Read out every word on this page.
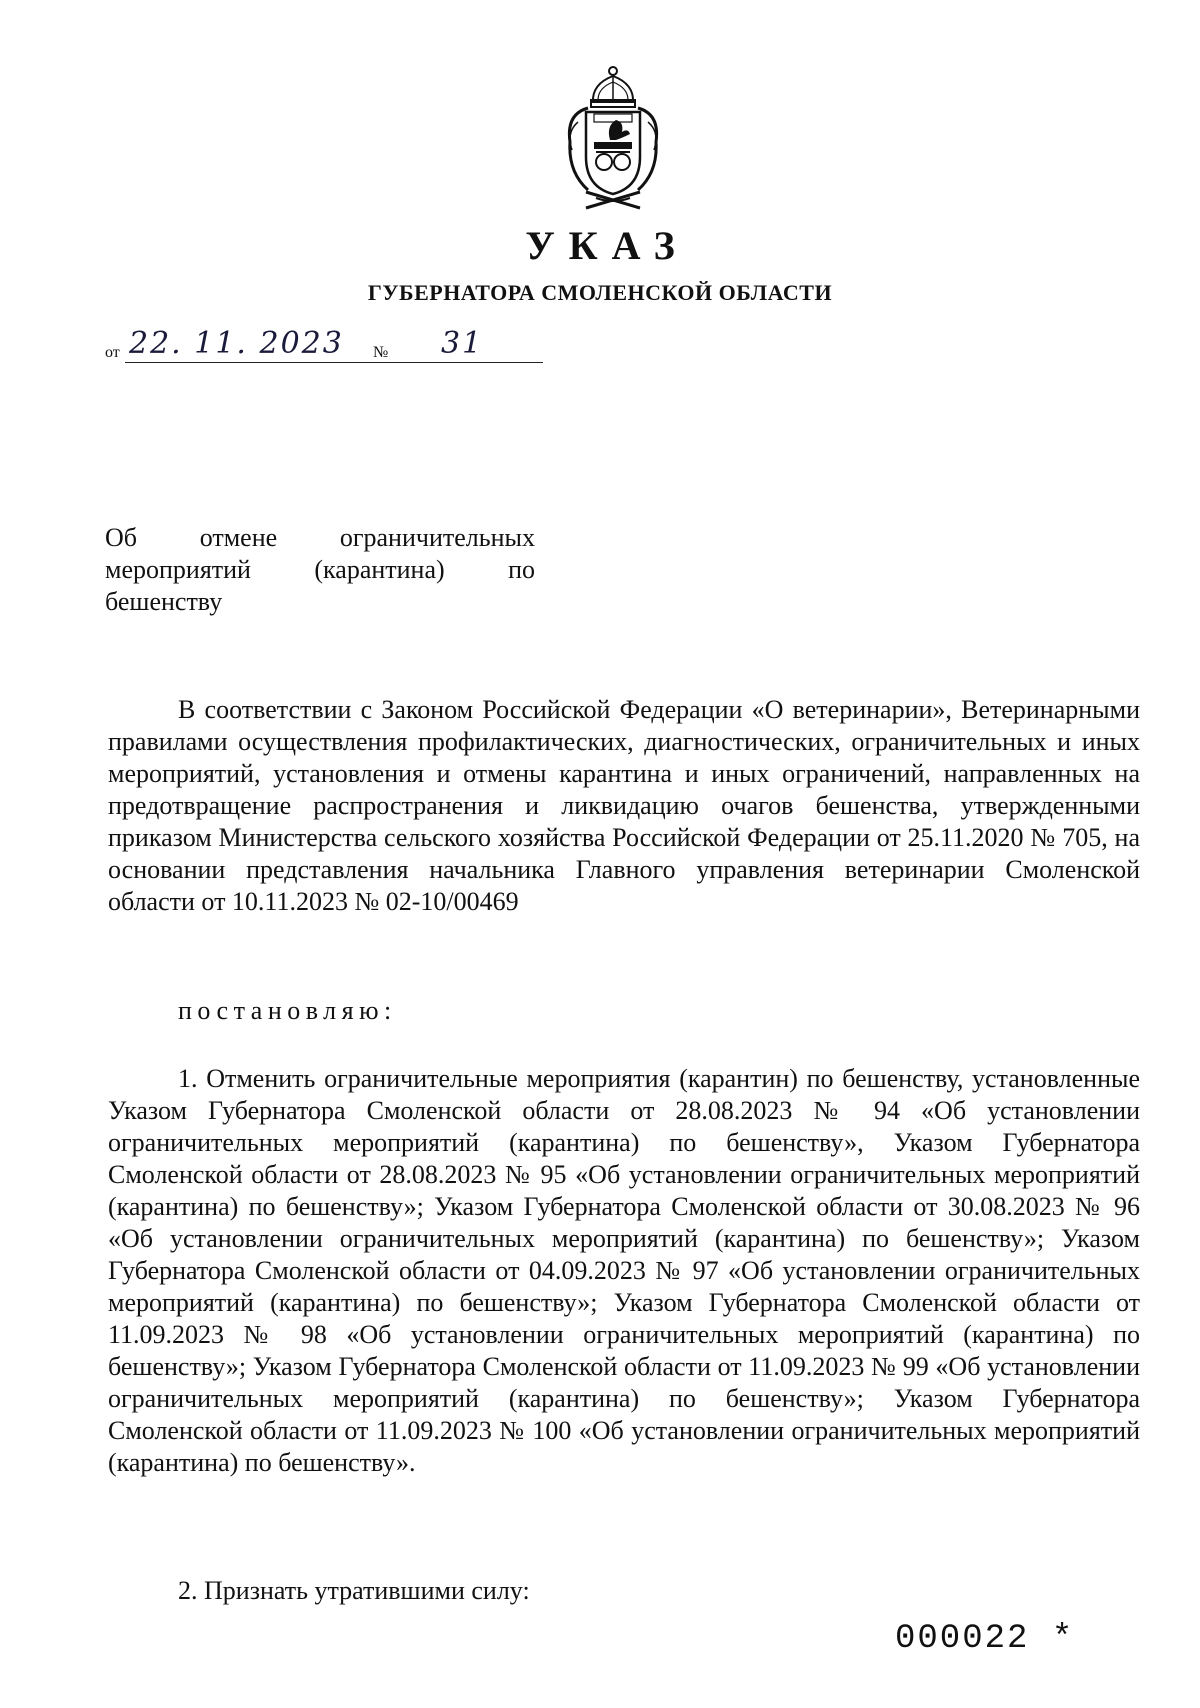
УКАЗ
ГУБЕРНАТОРА СМОЛЕНСКОЙ ОБЛАСТИ
от 22. 11. 2023 № 31
Об отмене ограничительных
мероприятий (карантина) по
бешенству
В соответствии с Законом Российской Федерации «О ветеринарии», Ветеринарными правилами осуществления профилактических, диагностических, ограничительных и иных мероприятий, установления и отмены карантина и иных ограничений, направленных на предотвращение распространения и ликвидацию очагов бешенства, утвержденными приказом Министерства сельского хозяйства Российской Федерации от 25.11.2020 № 705, на основании представления начальника Главного управления ветеринарии Смоленской области от 10.11.2023 № 02-10/00469
постановляю:
1. Отменить ограничительные мероприятия (карантин) по бешенству, установленные Указом Губернатора Смоленской области от 28.08.2023 № 94 «Об установлении ограничительных мероприятий (карантина) по бешенству», Указом Губернатора Смоленской области от 28.08.2023 № 95 «Об установлении ограничительных мероприятий (карантина) по бешенству»; Указом Губернатора Смоленской области от 30.08.2023 № 96 «Об установлении ограничительных мероприятий (карантина) по бешенству»; Указом Губернатора Смоленской области от 04.09.2023 № 97 «Об установлении ограничительных мероприятий (карантина) по бешенству»; Указом Губернатора Смоленской области от 11.09.2023 № 98 «Об установлении ограничительных мероприятий (карантина) по бешенству»; Указом Губернатора Смоленской области от 11.09.2023 № 99 «Об установлении ограничительных мероприятий (карантина) по бешенству»; Указом Губернатора Смоленской области от 11.09.2023 № 100 «Об установлении ограничительных мероприятий (карантина) по бешенству».
2. Признать утратившими силу:
000022 *
